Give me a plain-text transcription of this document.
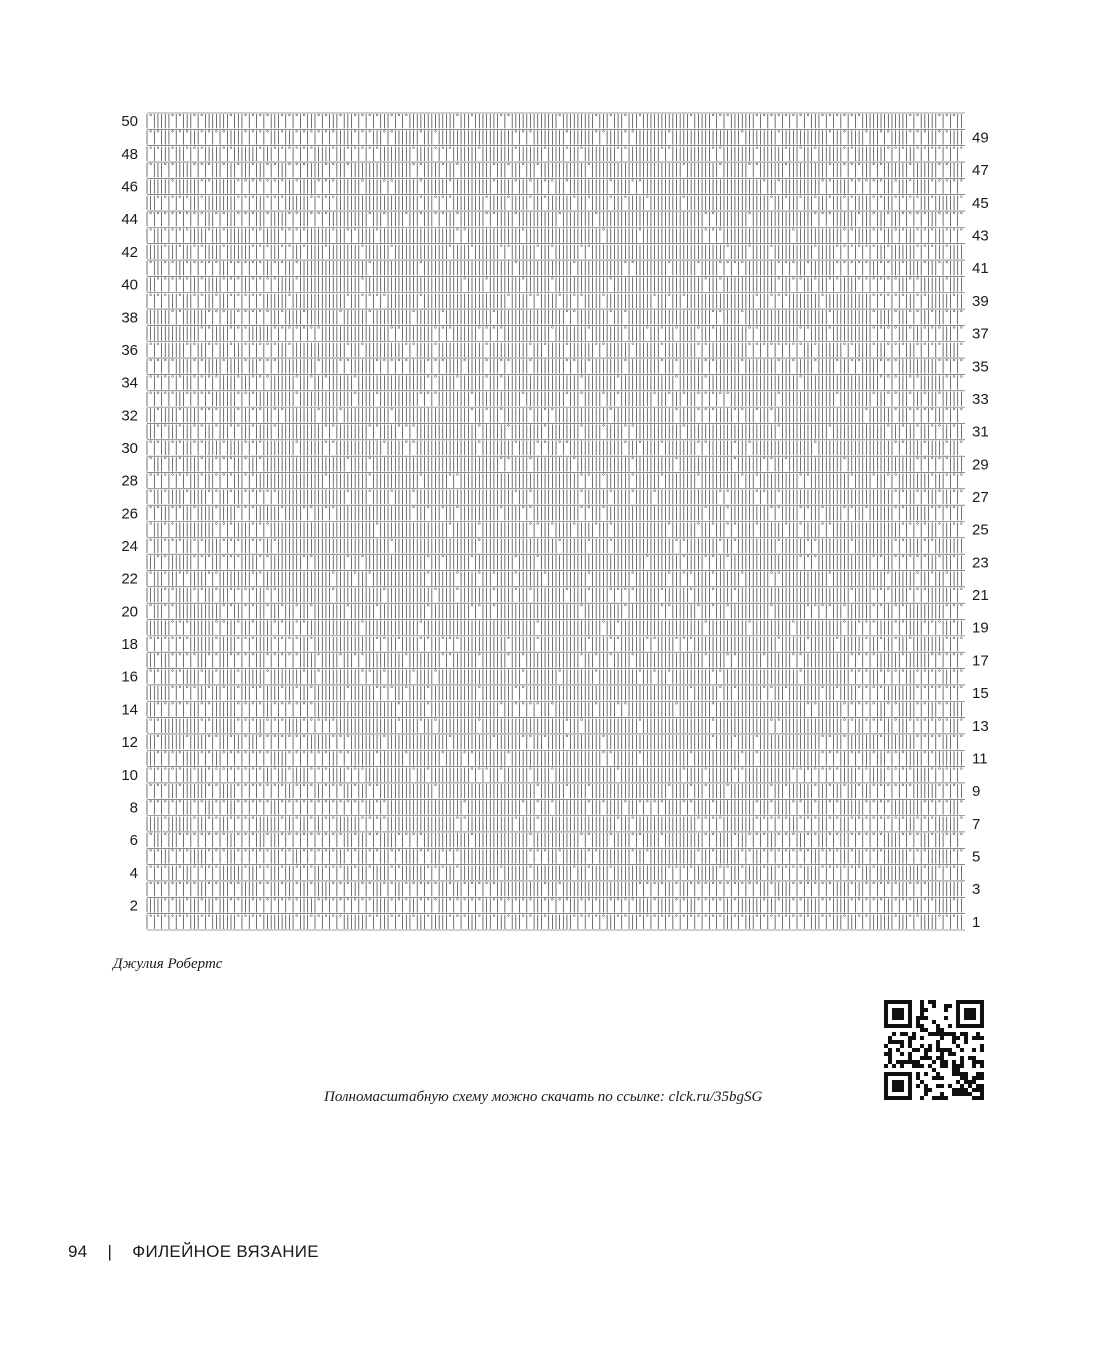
2
4
6
8
10
12
14
16
18
20
22
24
26
28
30
32
34
36
38
40
42
44
46
48
50
1
3
5
7
9
11
13
15
17
19
21
23
25
27
29
31
33
35
37
39
41
43
45
47
49
Джулия Робертс
Полномасштабную схему можно скачать по ссылке: clck.ru/35bgSG
94 | ФИЛЕЙНОЕ ВЯЗАНИЕ
